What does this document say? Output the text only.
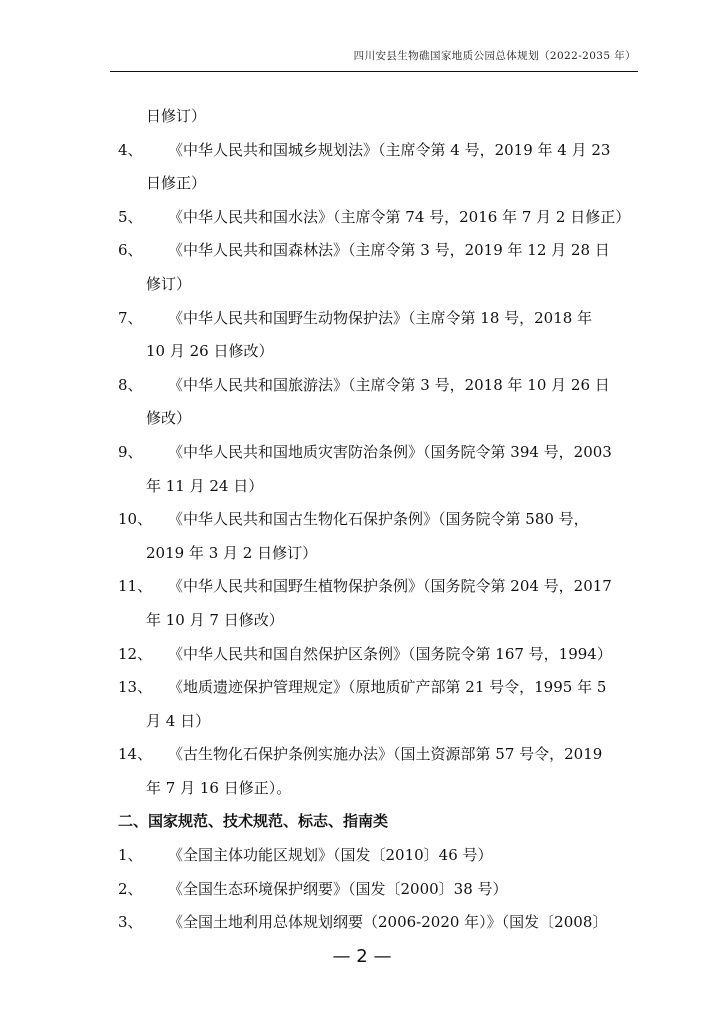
四川安县生物礁国家地质公园总体规划（2022-2035 年）
日修订）
4、 《中华人民共和国城乡规划法》（主席令第 4 号，2019 年 4 月 23
日修正）
5、 《中华人民共和国水法》（主席令第 74 号，2016 年 7 月 2 日修正）
6、 《中华人民共和国森林法》（主席令第 3 号，2019 年 12 月 28 日
修订）
7、 《中华人民共和国野生动物保护法》（主席令第 18 号，2018 年
10 月 26 日修改）
8、 《中华人民共和国旅游法》（主席令第 3 号，2018 年 10 月 26 日
修改）
9、 《中华人民共和国地质灾害防治条例》（国务院令第 394 号，2003
年 11 月 24 日）
10、 《中华人民共和国古生物化石保护条例》（国务院令第 580 号，
2019 年 3 月 2 日修订）
11、 《中华人民共和国野生植物保护条例》（国务院令第 204 号，2017
年 10 月 7 日修改）
12、 《中华人民共和国自然保护区条例》（国务院令第 167 号，1994）
13、 《地质遗迹保护管理规定》（原地质矿产部第 21 号令，1995 年 5
月 4 日）
14、 《古生物化石保护条例实施办法》（国土资源部第 57 号令，2019
年 7 月 16 日修正）。
二、国家规范、技术规范、标志、指南类
1、 《全国主体功能区规划》（国发〔2010〕46 号）
2、 《全国生态环境保护纲要》（国发〔2000〕38 号）
3、 《全国土地利用总体规划纲要（2006-2020 年）》（国发〔2008〕
— 2 —
